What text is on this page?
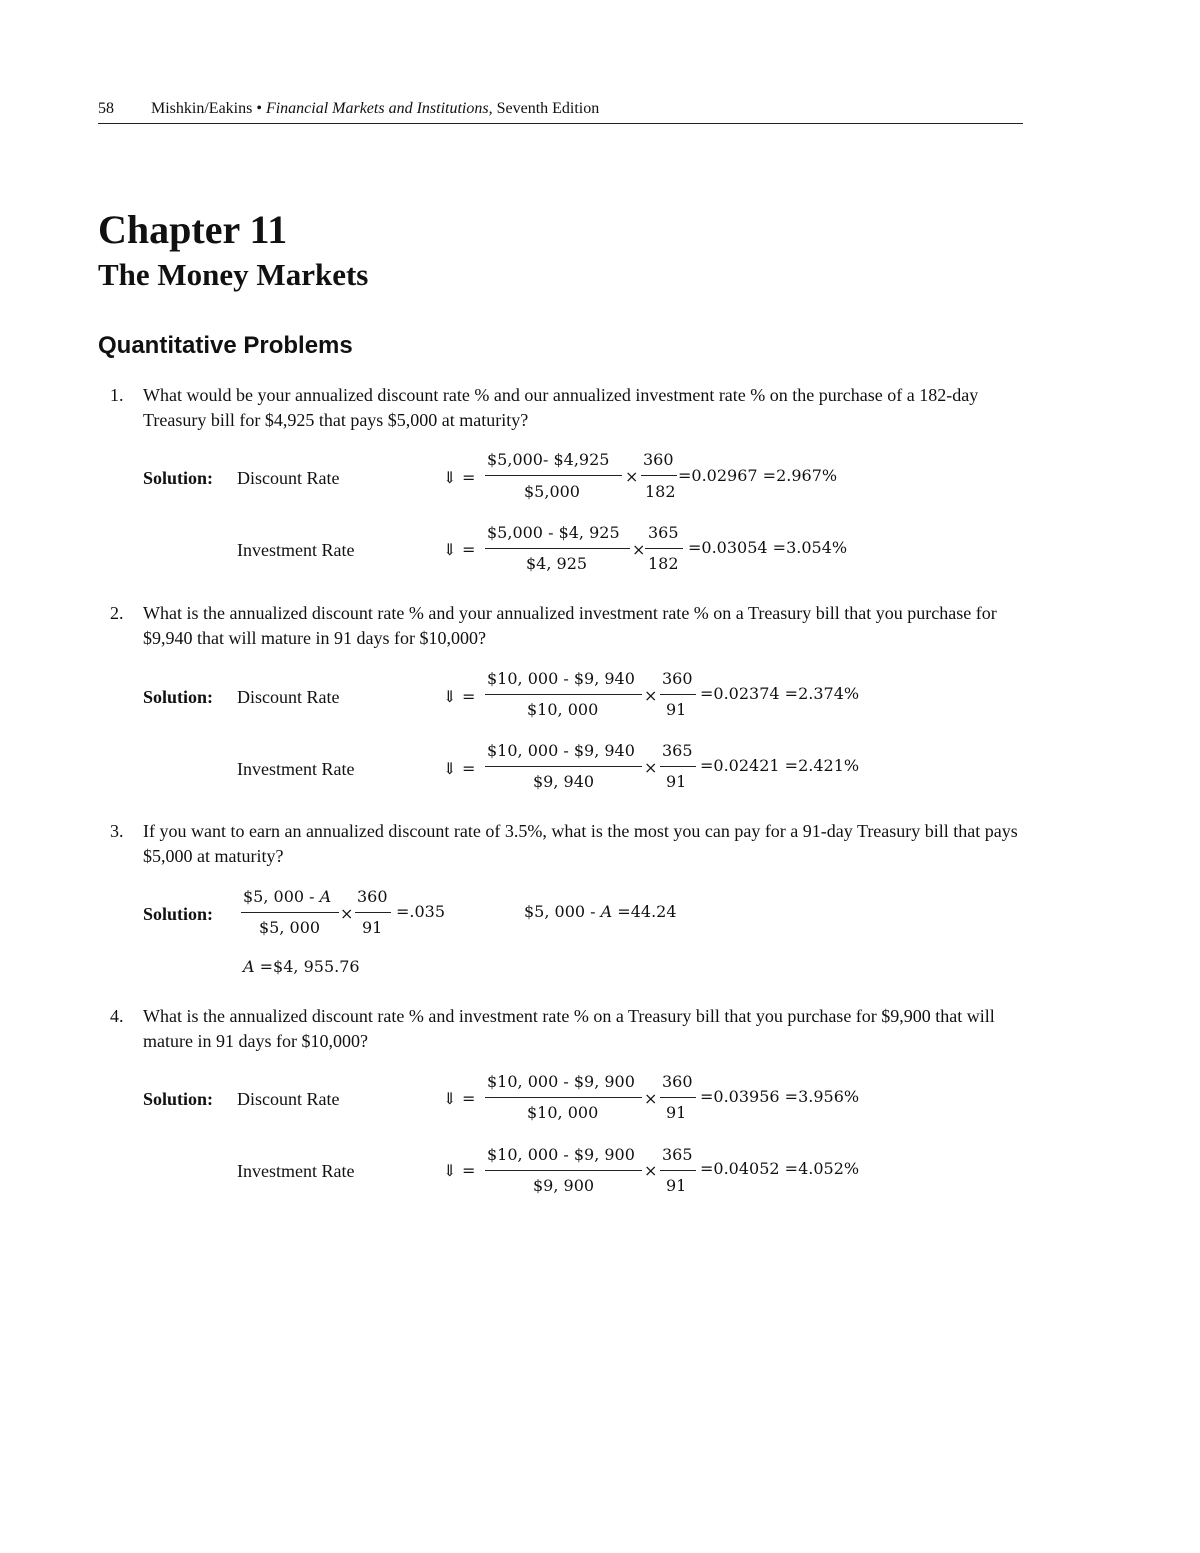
58 Mishkin/Eakins • Financial Markets and Institutions, Seventh Edition
Chapter 11
The Money Markets
Quantitative Problems
1. What would be your annualized discount rate % and our annualized investment rate % on the purchase of a 182-day Treasury bill for $4,925 that pays $5,000 at maturity?
Solution: Discount Rate	⇓ =
$5,000- $4,925
$5,000
×
360
182
=0.02967 =2.967%
Investment Rate	⇓ =
$5,000 - $4, 925
$4, 925
×
365
182
=0.03054 =3.054%
2. What is the annualized discount rate % and your annualized investment rate % on a Treasury bill that you purchase for $9,940 that will mature in 91 days for $10,000?
Solution: Discount Rate	⇓ =
$10, 000 - $9, 940
$10, 000
×
360
91
=0.02374 =2.374%
Investment Rate	⇓ =
$10, 000 - $9, 940
$9, 940
×
365
91
=0.02421 =2.421%
3. If you want to earn an annualized discount rate of 3.5%, what is the most you can pay for a 91-day Treasury bill that pays $5,000 at maturity?
Solution:
$5, 000 - A
$5, 000
×
360
91
=.035	$5, 000 - A =44.24
A =$4, 955.76
4. What is the annualized discount rate % and investment rate % on a Treasury bill that you purchase for $9,900 that will mature in 91 days for $10,000?
Solution: Discount Rate	⇓ =
$10, 000 - $9, 900
$10, 000
×
360
91
=0.03956 =3.956%
Investment Rate	⇓ =
$10, 000 - $9, 900
$9, 900
×
365
91
=0.04052 =4.052%
